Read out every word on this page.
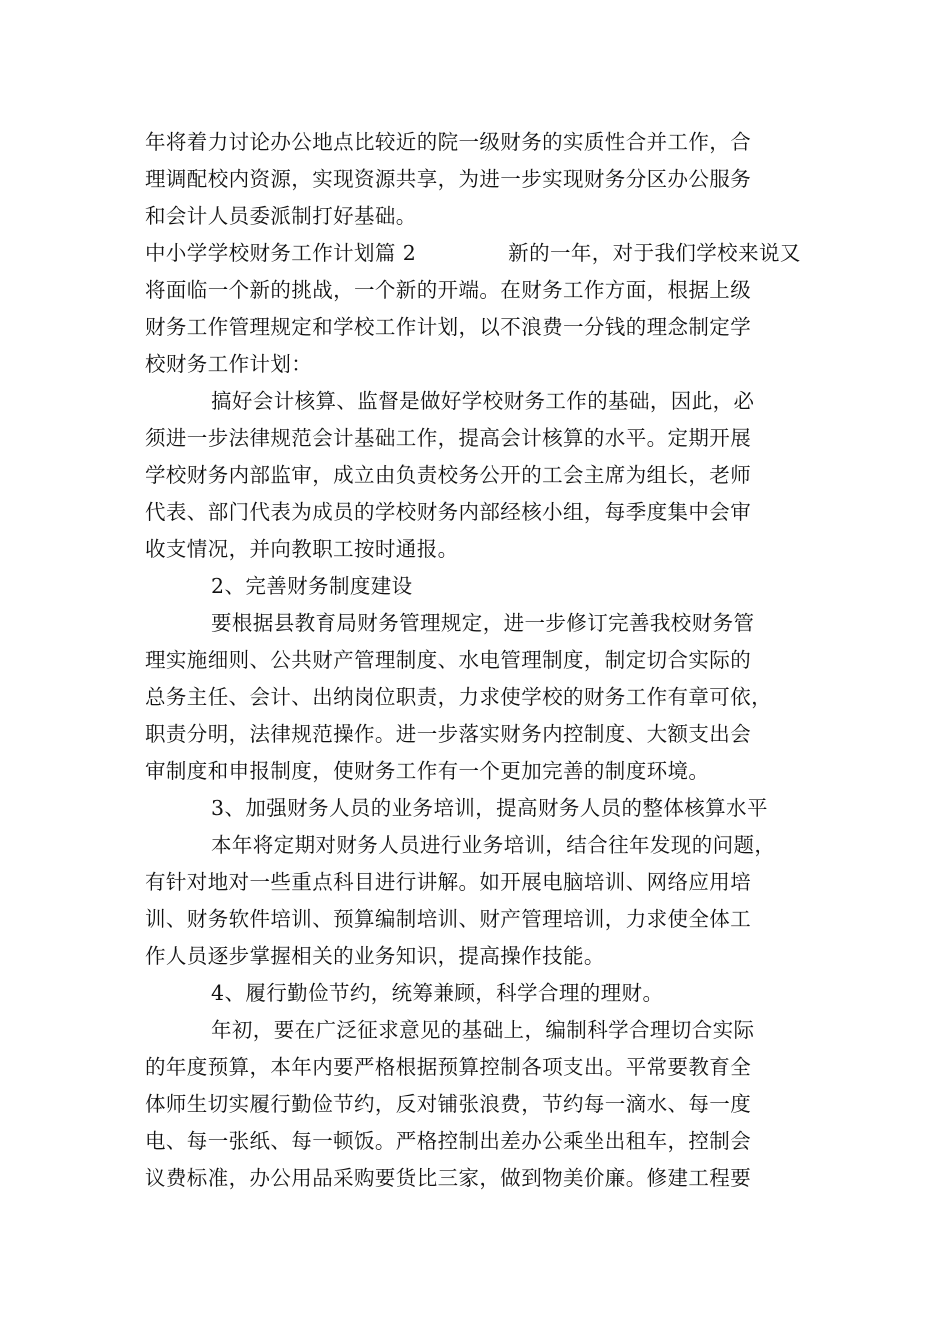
年将着力讨论办公地点比较近的院一级财务的实质性合并工作，合
理调配校内资源，实现资源共享，为进一步实现财务分区办公服务
和会计人员委派制打好基础。
中小学学校财务工作计划篇 2	新的一年，对于我们学校来说又
将面临一个新的挑战，一个新的开端。在财务工作方面，根据上级
财务工作管理规定和学校工作计划，以不浪费一分钱的理念制定学
校财务工作计划：
搞好会计核算、监督是做好学校财务工作的基础，因此，必
须进一步法律规范会计基础工作，提高会计核算的水平。定期开展
学校财务内部监审，成立由负责校务公开的工会主席为组长，老师
代表、部门代表为成员的学校财务内部经核小组，每季度集中会审
收支情况，并向教职工按时通报。
2、完善财务制度建设
要根据县教育局财务管理规定，进一步修订完善我校财务管
理实施细则、公共财产管理制度、水电管理制度，制定切合实际的
总务主任、会计、出纳岗位职责，力求使学校的财务工作有章可依，
职责分明，法律规范操作。进一步落实财务内控制度、大额支出会
审制度和申报制度，使财务工作有一个更加完善的制度环境。
3、加强财务人员的业务培训，提高财务人员的整体核算水平
本年将定期对财务人员进行业务培训，结合往年发现的问题，
有针对地对一些重点科目进行讲解。如开展电脑培训、网络应用培
训、财务软件培训、预算编制培训、财产管理培训，力求使全体工
作人员逐步掌握相关的业务知识，提高操作技能。
4、履行勤俭节约，统筹兼顾，科学合理的理财。
年初，要在广泛征求意见的基础上，编制科学合理切合实际
的年度预算，本年内要严格根据预算控制各项支出。平常要教育全
体师生切实履行勤俭节约，反对铺张浪费，节约每一滴水、每一度
电、每一张纸、每一顿饭。严格控制出差办公乘坐出租车，控制会
议费标准，办公用品采购要货比三家，做到物美价廉。修建工程要
